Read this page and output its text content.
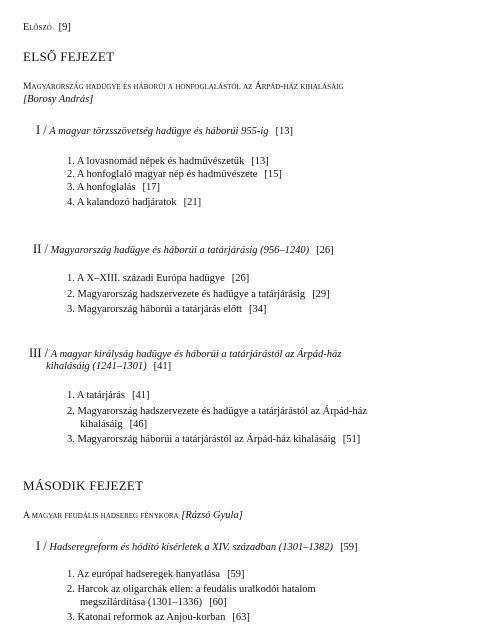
Előszó [9]
ELSŐ FEJEZET
Magyarország hadügye és háborúi a honfoglalástól az Árpád-ház kihalásáig
[Borosy András]
I / A magyar törzsszövetség hadügye és háborúi 955-ig [13]
1. A lovasnomád népek és hadművészetük [13]
2. A honfoglaló magyar nép és hadművészete [15]
3. A honfoglalás [17]
4. A kalandozó hadjáratok [21]
II / Magyarország hadügye és háborúi a tatárjárásig (956–1240) [26]
1. A X–XIII. századi Európa hadügye [26]
2. Magyarország hadszervezete és hadügye a tatárjárásig [29]
3. Magyarország háborúi a tatárjárás előtt [34]
III / A magyar királyság hadügye és háborúi a tatárjárástól az Árpád-ház
kihalásáig (1241–1301) [41]
1. A tatárjárás [41]
2. Magyarország hadszervezete és hadügye a tatárjárástól az Árpád-ház
kihalásáig [46]
3. Magyarország háborúi a tatárjárástól az Árpád-ház kihalásáig [51]
MÁSODIK FEJEZET
A magyar feudális hadsereg fénykora [Rázsó Gyula]
I / Hadseregreform és hódító kísérletek a XIV. században (1301–1382) [59]
1. Az európai hadseregek hanyatlása [59]
2. Harcok az oligarchák ellen: a feudális uralkodói hatalom
megszilárdítása (1301–1336) [60]
3. Katonai reformok az Anjou-korban [63]
